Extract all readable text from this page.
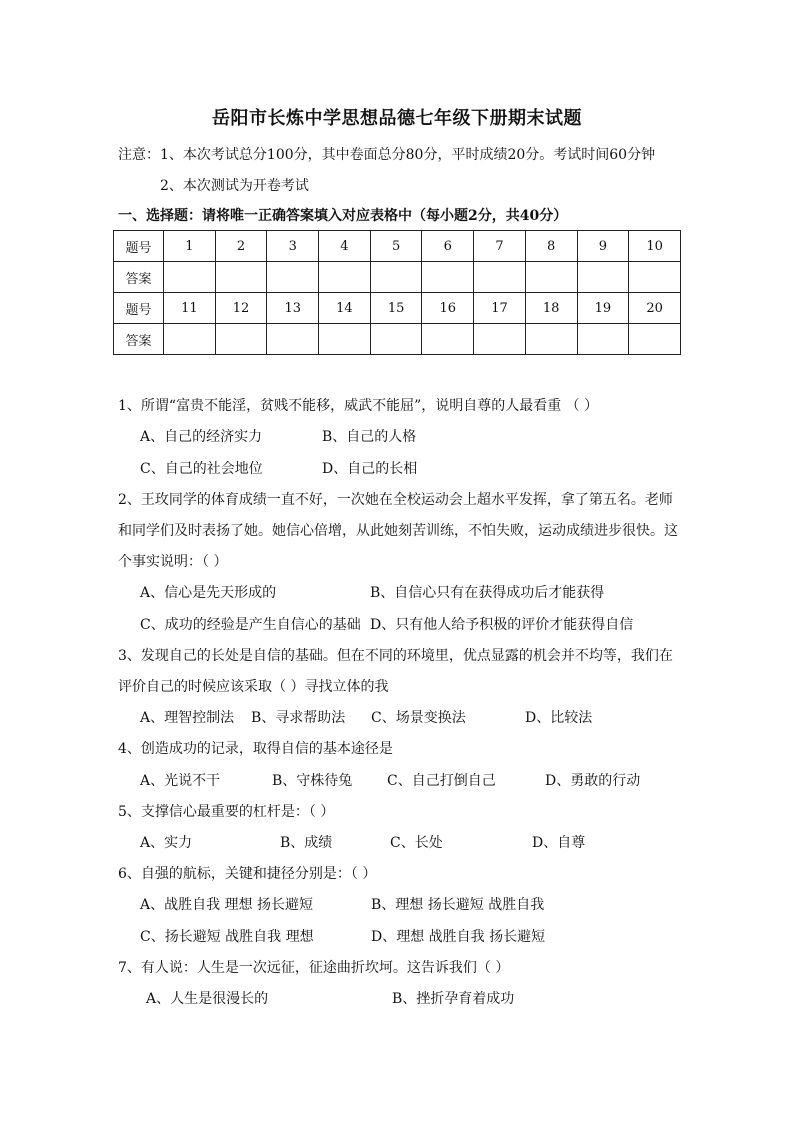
岳阳市长炼中学思想品德七年级下册期末试题
注意：1、本次考试总分100分，其中卷面总分80分，平时成绩20分。考试时间60分钟
2、本次测试为开卷考试
一、选择题：请将唯一正确答案填入对应表格中（每小题2分，共40分）
题号	1	2	3	4	5	6	7	8	9	10
答案										
题号	11	12	13	14	15	16	17	18	19	20
答案										
1、所谓“富贵不能淫，贫贱不能移，威武不能屈”，说明自尊的人最看重 （ ）
A、自己的经济实力	B、自己的人格
C、自己的社会地位	D、自己的长相
2、王玫同学的体育成绩一直不好，一次她在全校运动会上超水平发挥，拿了第五名。老师
和同学们及时表扬了她。她信心倍增，从此她刻苦训练，不怕失败，运动成绩进步很快。这
个事实说明：（ ）
A、信心是先天形成的	B、自信心只有在获得成功后才能获得
C、成功的经验是产生自信心的基础 D、只有他人给予积极的评价才能获得自信
3、发现自己的长处是自信的基础。但在不同的环境里，优点显露的机会并不均等，我们在
评价自己的时候应该采取（ ）寻找立体的我
A、理智控制法 B、寻求帮助法 C、场景变换法	D、比较法
4、创造成功的记录，取得自信的基本途径是
A、光说不干	B、守株待兔 C、自己打倒自己	D、勇敢的行动
5、支撑信心最重要的杠杆是：（ ）
A、实力	B、成绩	C、长处	D、自尊
6、自强的航标，关键和捷径分别是：（ ）
A、战胜自我 理想 扬长避短	B、理想 扬长避短 战胜自我
C、扬长避短 战胜自我 理想	D、理想 战胜自我 扬长避短
7、有人说：人生是一次远征，征途曲折坎坷。这告诉我们（ ）
A、人生是很漫长的	B、挫折孕育着成功
